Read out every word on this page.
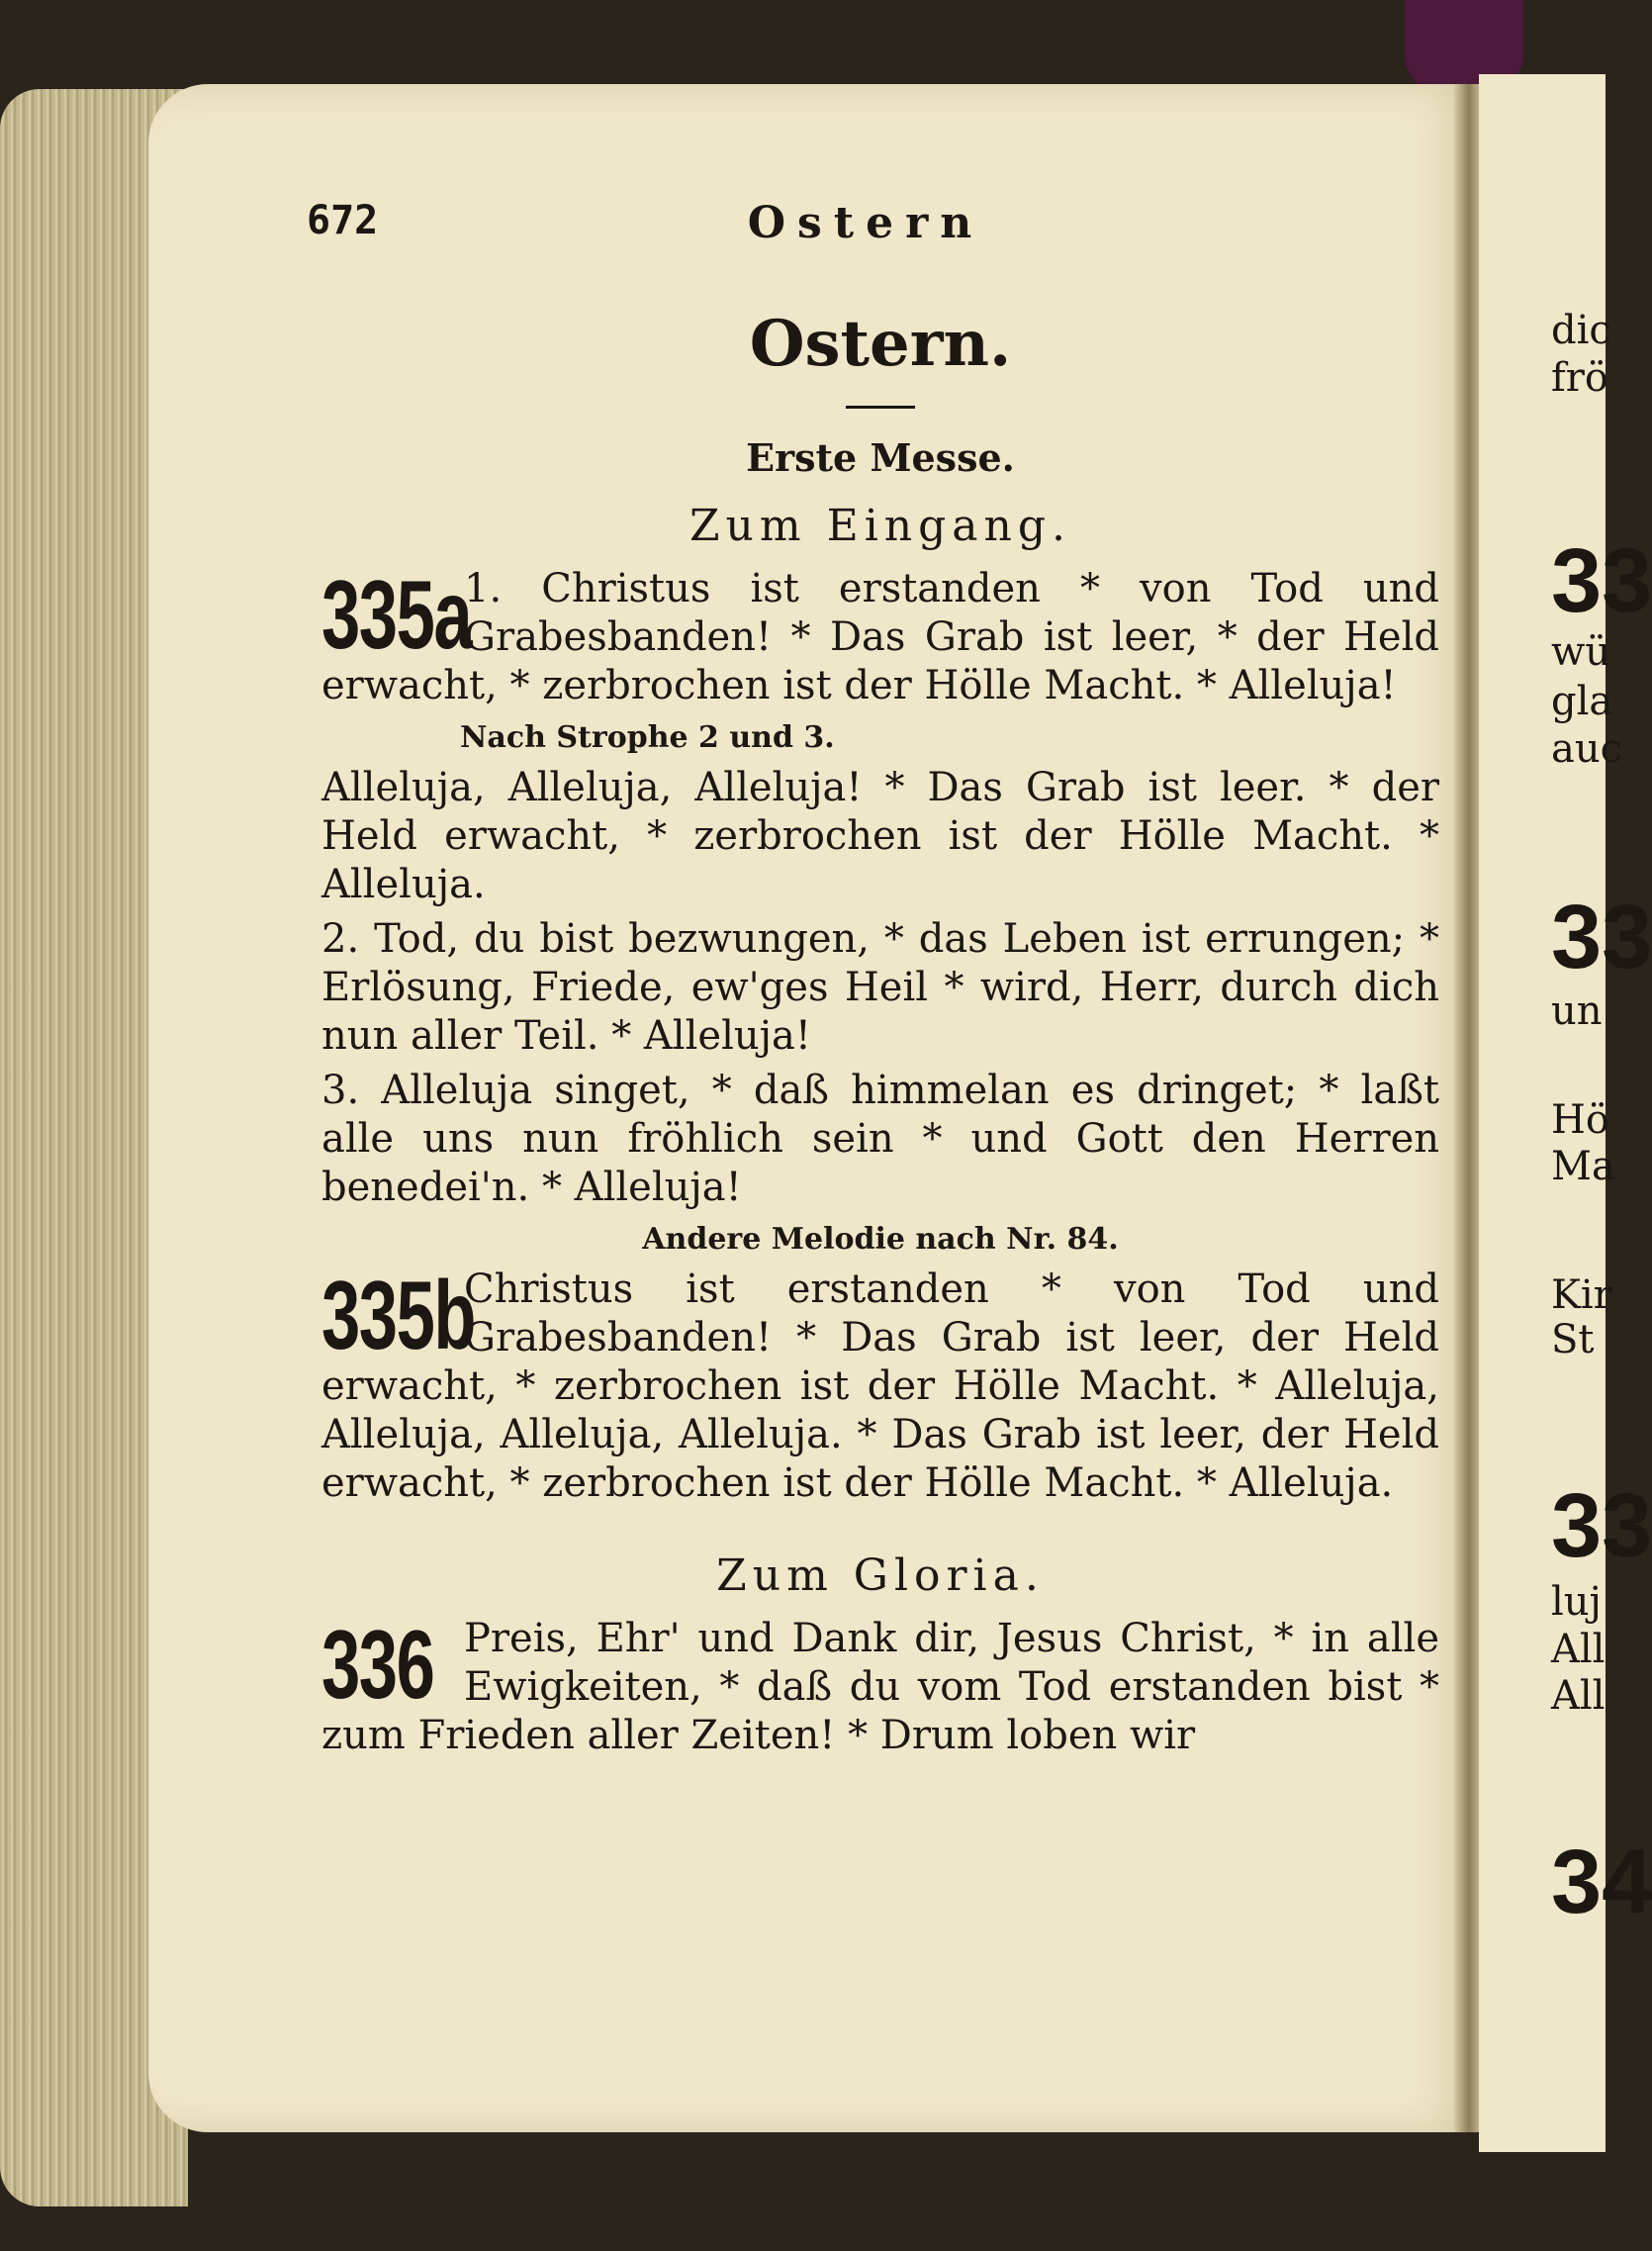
672	Ostern
Ostern.
Erste Messe.
Zum Eingang.
335a
1. Christus ist erstanden * von Tod und Grabesbanden! * Das Grab ist leer, * der Held erwacht, * zerbrochen ist der Hölle Macht. * Alleluja!
Nach Strophe 2 und 3.
Alleluja, Alleluja, Alleluja! * Das Grab ist leer. * der Held erwacht, * zerbrochen ist der Hölle Macht. * Alleluja.
2. Tod, du bist bezwungen, * das Leben ist errungen; * Erlösung, Friede, ew'ges Heil * wird, Herr, durch dich nun aller Teil. * Alleluja!
3. Alleluja singet, * daß himmelan es dringet; * laßt alle uns nun fröhlich sein * und Gott den Herren benedei'n. * Alleluja!
Andere Melodie nach Nr. 84.
335b
Christus ist erstanden * von Tod und Grabesbanden! * Das Grab ist leer, der Held erwacht, * zerbrochen ist der Hölle Macht. * Alleluja, Alleluja, Alleluja, Alleluja. * Das Grab ist leer, der Held erwacht, * zerbrochen ist der Hölle Macht. * Alleluja.
Zum Gloria.
336 Preis, Ehr' und Dank dir, Jesus Christ, * in alle Ewigkeiten, * daß du vom Tod erstanden bist * zum Frieden aller Zeiten! * Drum loben wir
dic
frö
33
wü
gla
auc
33
un
Hö
Ma
Kir
St
33
luj
All
All
34
